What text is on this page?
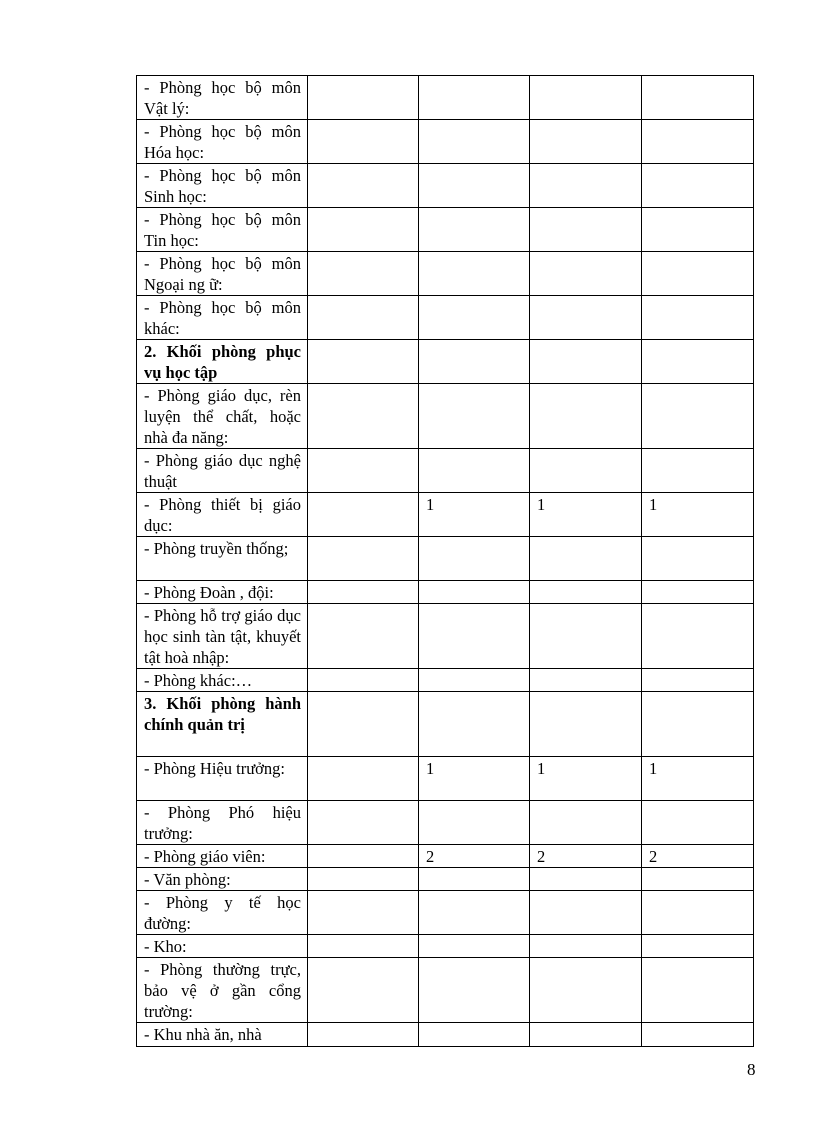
- Phòng học bộ môn Vật lý:				
- Phòng học bộ môn Hóa học:				
- Phòng học bộ môn Sinh học:				
- Phòng học bộ môn Tin học:				
- Phòng học bộ môn Ngoại ng ữ:				
- Phòng học bộ môn khác:				
2. Khối phòng phục vụ học tập				
- Phòng giáo dục, rèn luyện thể chất, hoặc nhà đa năng:				
- Phòng giáo dục nghệ thuật				
- Phòng thiết bị giáo dục:		1	1	1
- Phòng truyền thống;				
- Phòng Đoàn , đội:				
- Phòng hỗ trợ giáo dục học sinh tàn tật, khuyết tật hoà nhập:				
- Phòng khác:…				
3. Khối phòng hành chính quản trị				
- Phòng Hiệu trưởng:		1	1	1
- Phòng Phó hiệu trưởng:				
- Phòng giáo viên:		2	2	2
- Văn phòng:				
- Phòng y tế học đường:				
- Kho:				
- Phòng thường trực, bảo vệ ở gần cổng trường:				
- Khu nhà ăn, nhà				
8
